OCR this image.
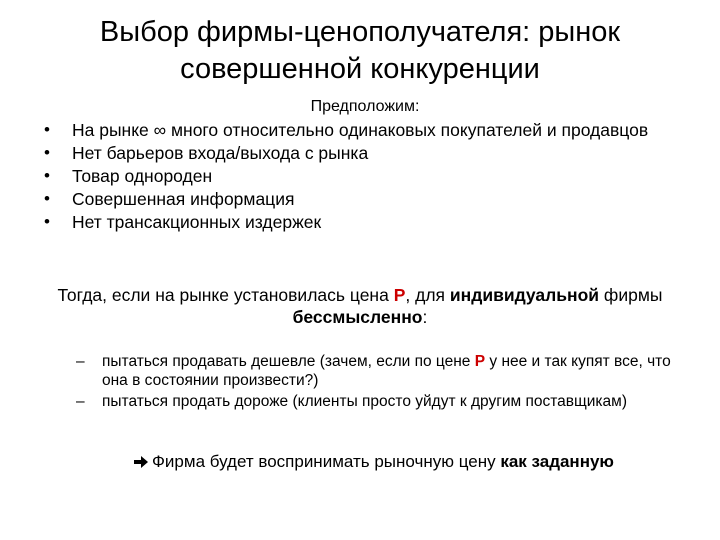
Выбор фирмы-ценополучателя: рынок
совершенной конкуренции
Предположим:
• На рынке ∞ много относительно одинаковых покупателей и продавцов
• Нет барьеров входа/выхода с рынка
• Товар однороден
• Совершенная информация
• Нет трансакционных издержек
Тогда, если на рынке установилась цена Р, для индивидуальной фирмы бессмысленно:
– пытаться продавать дешевле (зачем, если по цене Р у нее и так купят все, что она в состоянии произвести?)
– пытаться продать дороже (клиенты просто уйдут к другим поставщикам)
Фирма будет воспринимать рыночную цену как заданную
